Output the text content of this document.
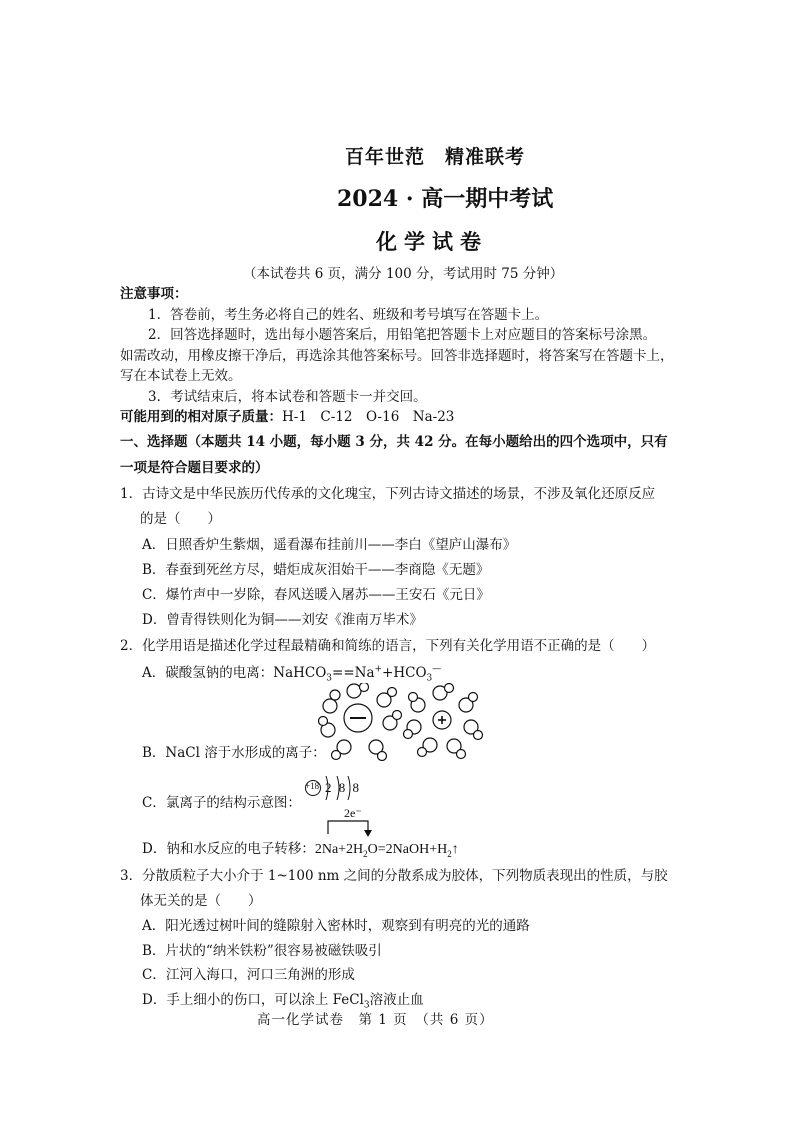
百年世范　精准联考
2024 · 高一期中考试
化学试卷
（本试卷共 6 页，满分 100 分，考试用时 75 分钟）
注意事项：
1．答卷前，考生务必将自己的姓名、班级和考号填写在答题卡上。
2．回答选择题时，选出每小题答案后，用铅笔把答题卡上对应题目的答案标号涂黑。
如需改动，用橡皮擦干净后，再选涂其他答案标号。回答非选择题时，将答案写在答题卡上，
写在本试卷上无效。
3．考试结束后，将本试卷和答题卡一并交回。
可能用到的相对原子质量：H-1　C-12　O-16　Na-23
一、选择题（本题共 14 小题，每小题 3 分，共 42 分。在每小题给出的四个选项中，只有
一项是符合题目要求的）
1．古诗文是中华民族历代传承的文化瑰宝，下列古诗文描述的场景，不涉及氧化还原反应
的是（　　）
A．日照香炉生紫烟，遥看瀑布挂前川——李白《望庐山瀑布》
B．春蚕到死丝方尽，蜡炬成灰泪始干——李商隐《无题》
C．爆竹声中一岁除，春风送暖入屠苏——王安石《元日》
D．曾青得铁则化为铜——刘安《淮南万毕术》
2．化学用语是描述化学过程最精确和简练的语言，下列有关化学用语不正确的是（　　）
A．碳酸氢钠的电离：$NaHCO_3==Na^++HCO_3^—$
B．NaCl 溶于水形成的离子：
+18 2 8 8
C．氯离子的结构示意图：
2e⁻
D．钠和水反应的电子转移：$2Na+2H_2O=2NaOH+H_2↑$
3．分散质粒子大小介于 1~100 nm 之间的分散系成为胶体，下列物质表现出的性质，与胶
体无关的是（　　）
A．阳光透过树叶间的缝隙射入密林时，观察到有明亮的光的通路
B．片状的“纳米铁粉”很容易被磁铁吸引
C．江河入海口，河口三角洲的形成
D．手上细小的伤口，可以涂上 FeCl$_3$溶液止血
高一化学试卷　第 1 页　（共 6 页）
